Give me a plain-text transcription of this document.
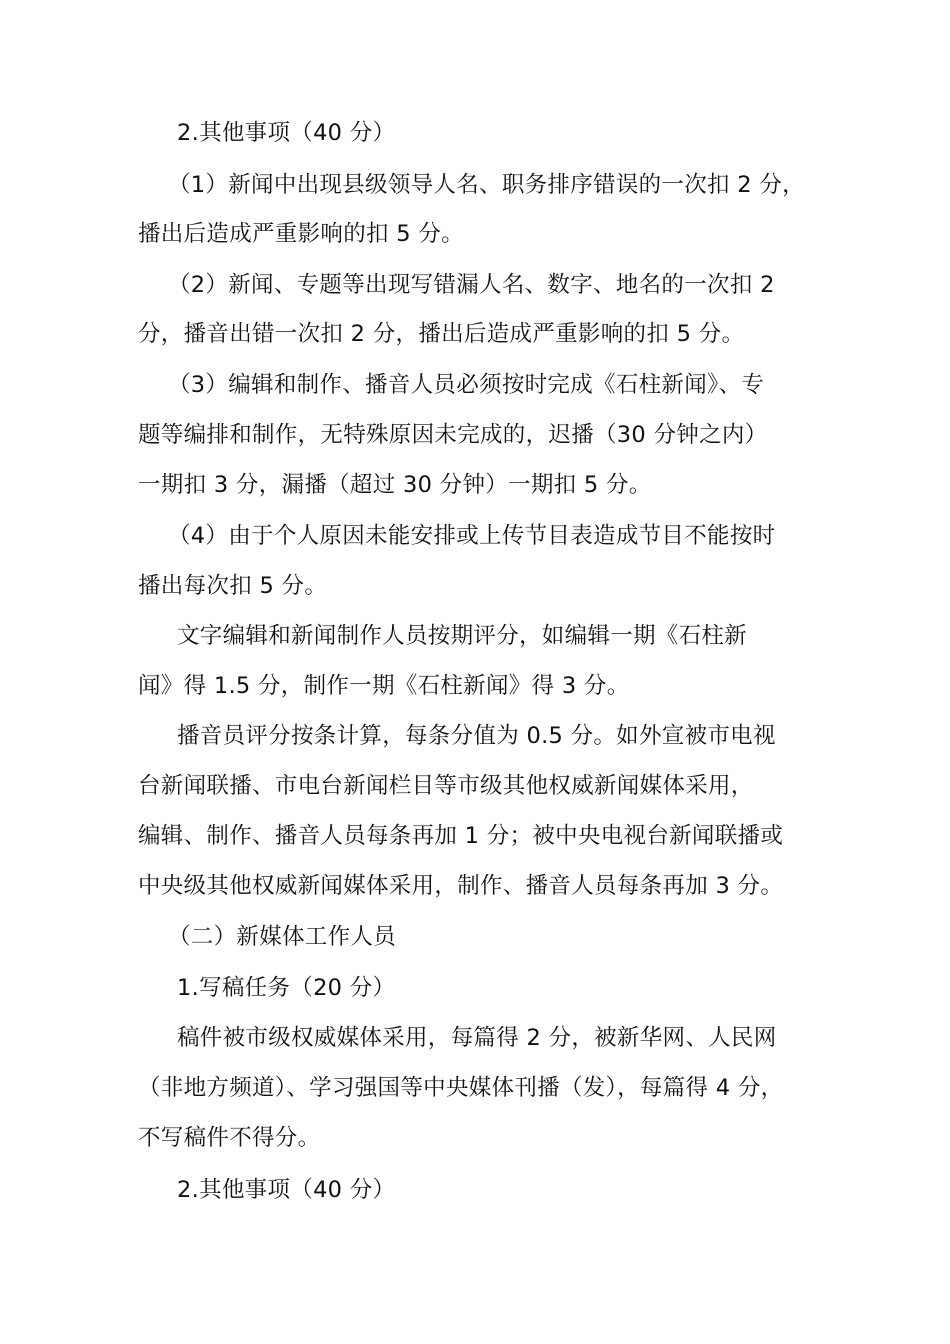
2.其他事项（40 分）
（1）新闻中出现县级领导人名、职务排序错误的一次扣 2 分，
播出后造成严重影响的扣 5 分。
（2）新闻、专题等出现写错漏人名、数字、地名的一次扣 2
分，播音出错一次扣 2 分，播出后造成严重影响的扣 5 分。
（3）编辑和制作、播音人员必须按时完成《石柱新闻》、专
题等编排和制作，无特殊原因未完成的，迟播（30 分钟之内）
一期扣 3 分，漏播（超过 30 分钟）一期扣 5 分。
（4）由于个人原因未能安排或上传节目表造成节目不能按时
播出每次扣 5 分。
文字编辑和新闻制作人员按期评分，如编辑一期《石柱新
闻》得 1.5 分，制作一期《石柱新闻》得 3 分。
播音员评分按条计算，每条分值为 0.5 分。如外宣被市电视
台新闻联播、市电台新闻栏目等市级其他权威新闻媒体采用，
编辑、制作、播音人员每条再加 1 分；被中央电视台新闻联播或
中央级其他权威新闻媒体采用，制作、播音人员每条再加 3 分。
（二）新媒体工作人员
1.写稿任务（20 分）
稿件被市级权威媒体采用，每篇得 2 分，被新华网、人民网
（非地方频道）、学习强国等中央媒体刊播（发），每篇得 4 分，
不写稿件不得分。
2.其他事项（40 分）
